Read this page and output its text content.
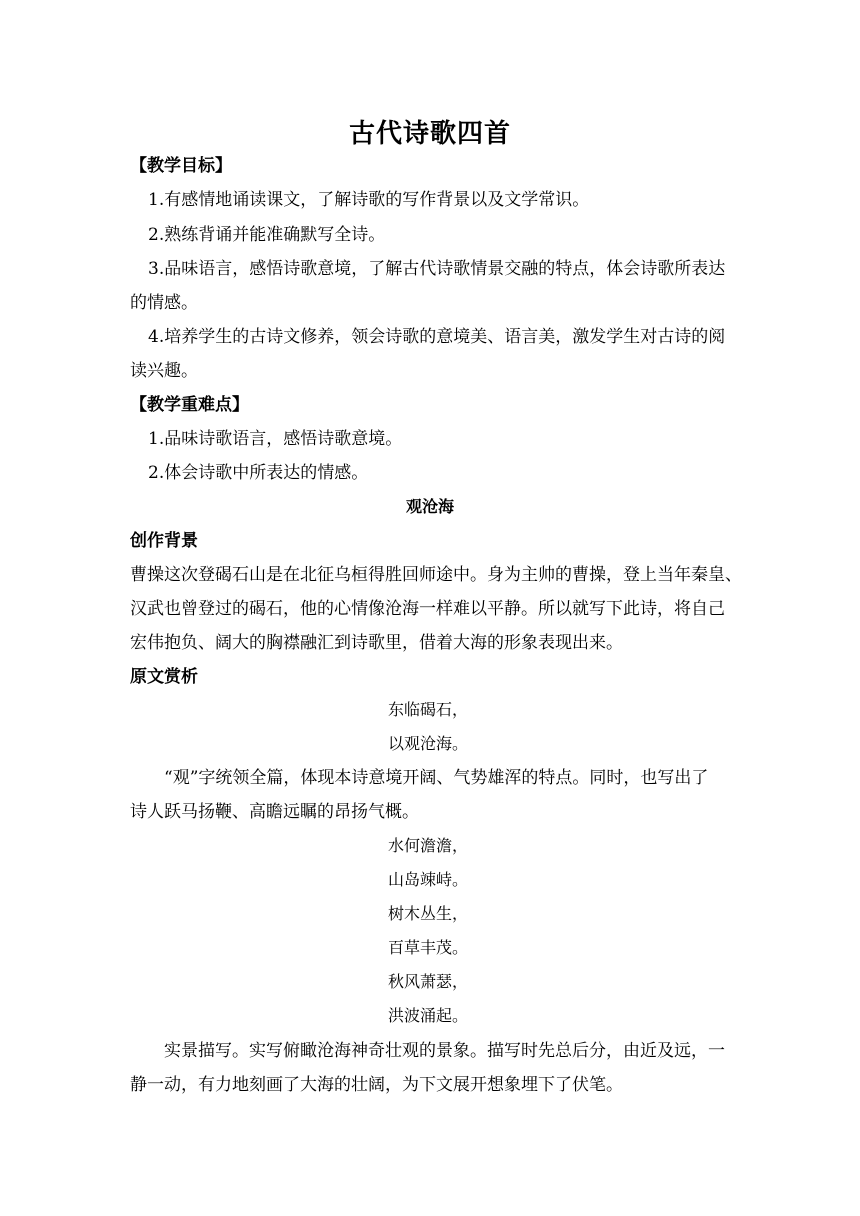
古代诗歌四首
【教学目标】
1.有感情地诵读课文，了解诗歌的写作背景以及文学常识。
2.熟练背诵并能准确默写全诗。
3.品味语言，感悟诗歌意境，了解古代诗歌情景交融的特点，体会诗歌所表达
的情感。
4.培养学生的古诗文修养，领会诗歌的意境美、语言美，激发学生对古诗的阅
读兴趣。
【教学重难点】
1.品味诗歌语言，感悟诗歌意境。
2.体会诗歌中所表达的情感。
观沧海
创作背景
曹操这次登碣石山是在北征乌桓得胜回师途中。身为主帅的曹操，登上当年秦皇、
汉武也曾登过的碣石，他的心情像沧海一样难以平静。所以就写下此诗，将自己
宏伟抱负、阔大的胸襟融汇到诗歌里，借着大海的形象表现出来。
原文赏析
东临碣石，
以观沧海。
“观”字统领全篇，体现本诗意境开阔、气势雄浑的特点。同时，也写出了
诗人跃马扬鞭、高瞻远瞩的昂扬气概。
水何澹澹，
山岛竦峙。
树木丛生，
百草丰茂。
秋风萧瑟，
洪波涌起。
实景描写。实写俯瞰沧海神奇壮观的景象。描写时先总后分，由近及远，一
静一动，有力地刻画了大海的壮阔，为下文展开想象埋下了伏笔。
